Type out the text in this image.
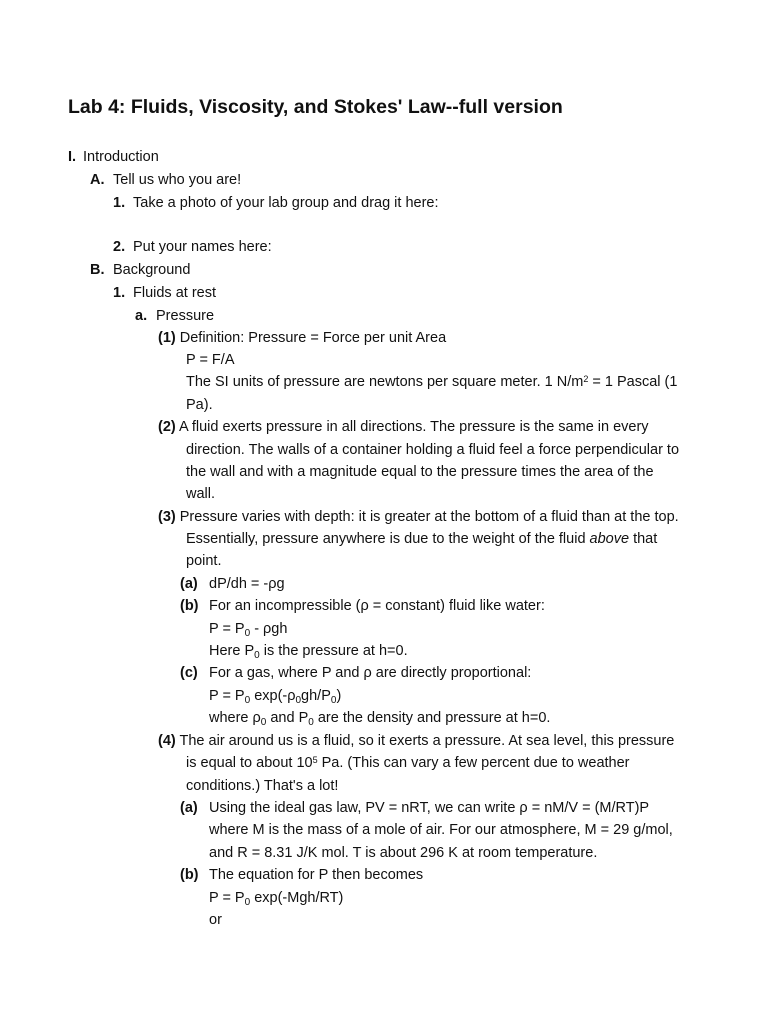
Lab 4: Fluids, Viscosity, and Stokes' Law--full version
I. Introduction
A. Tell us who you are!
1. Take a photo of your lab group and drag it here:
2. Put your names here:
B. Background
1. Fluids at rest
a. Pressure
(1) Definition: Pressure = Force per unit Area
P = F/A
The SI units of pressure are newtons per square meter. 1 $N/m^2 = 1$ Pascal (1
Pa).
(2) A fluid exerts pressure in all directions. The pressure is the same in every
direction. The walls of a container holding a fluid feel a force perpendicular to
the wall and with a magnitude equal to the pressure times the area of the
wall.
(3) Pressure varies with depth: it is greater at the bottom of a fluid than at the top.
Essentially, pressure anywhere is due to the weight of the fluid above that
point.
(a) dP/dh = -ρg
(b) For an incompressible (ρ = constant) fluid like water:
$P = P_0 - \rho gh$
Here $P_0$ is the pressure at h=0.
(c) For a gas, where P and ρ are directly proportional:
$P = P_0$ $\exp(-\rho_0gh/P_0)$
where $\rho_0$ and $P_0$ are the density and pressure at h=0.
(4) The air around us is a fluid, so it exerts a pressure. At sea level, this pressure
is equal to about $10^5$ Pa. (This can vary a few percent due to weather
conditions.) That's a lot!
(a) Using the ideal gas law, PV = nRT, we can write ρ = nM/V = (M/RT)P
where M is the mass of a mole of air. For our atmosphere, M = 29 g/mol,
and R = 8.31 J/K mol. T is about 296 K at room temperature.
(b) The equation for P then becomes
$P = P_0$ exp(-Mgh/RT)
or
